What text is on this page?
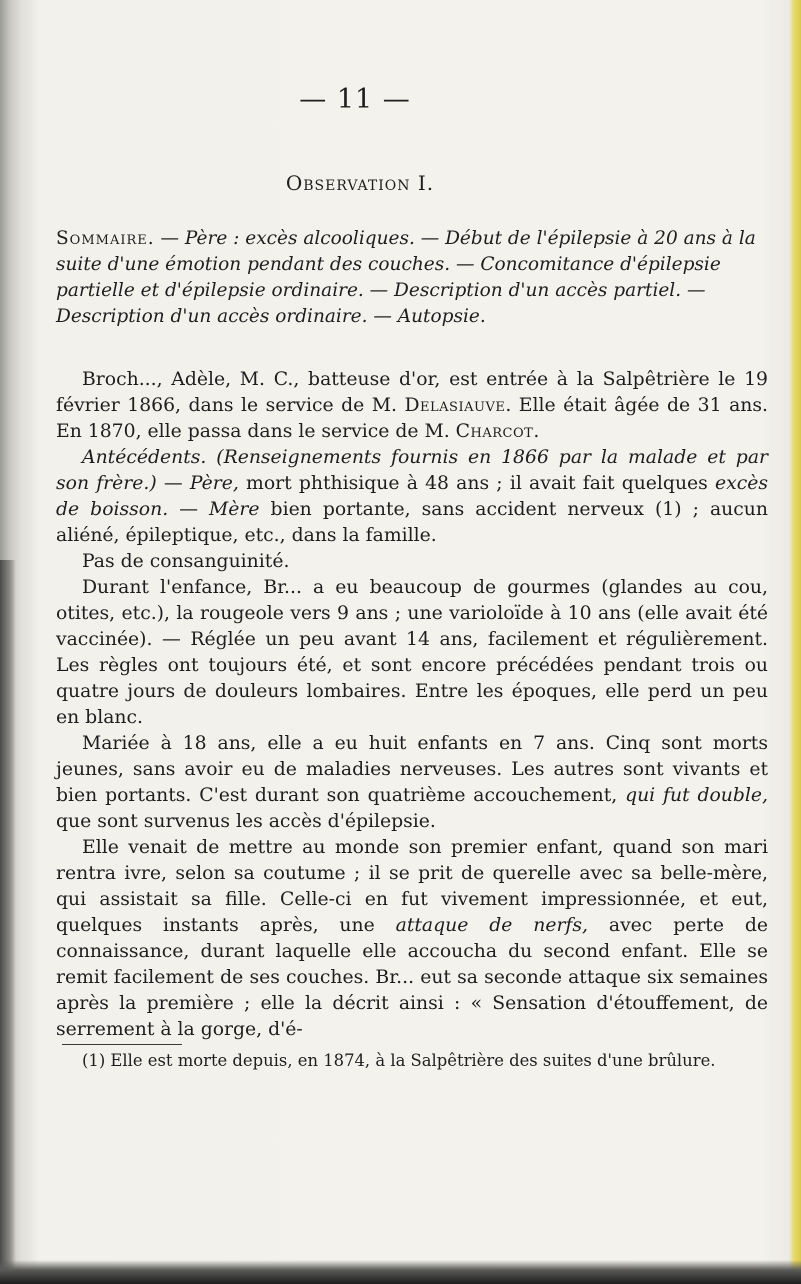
— 11 —
Observation I.
Sommaire. — Père : excès alcooliques. — Début de l'épilepsie à 20 ans à la suite d'une émotion pendant des couches. — Concomitance d'épilepsie partielle et d'épilepsie ordinaire. — Description d'un accès partiel. — Description d'un accès ordinaire. — Autopsie.

Broch..., Adèle, M. C., batteuse d'or, est entrée à la Salpêtrière le 19 février 1866, dans le service de M. Delasiauve. Elle était âgée de 31 ans. En 1870, elle passa dans le service de M. Charcot.

Antécédents. (Renseignements fournis en 1866 par la malade et par son frère.) — Père, mort phthisique à 48 ans ; il avait fait quelques excès de boisson. — Mère bien portante, sans accident nerveux (1) ; aucun aliéné, épileptique, etc., dans la famille.

Pas de consanguinité.

Durant l'enfance, Br... a eu beaucoup de gourmes (glandes au cou, otites, etc.), la rougeole vers 9 ans ; une varioloïde à 10 ans (elle avait été vaccinée). — Réglée un peu avant 14 ans, facilement et régulièrement. Les règles ont toujours été, et sont encore précédées pendant trois ou quatre jours de douleurs lombaires. Entre les époques, elle perd un peu en blanc.

Mariée à 18 ans, elle a eu huit enfants en 7 ans. Cinq sont morts jeunes, sans avoir eu de maladies nerveuses. Les autres sont vivants et bien portants. C'est durant son quatrième accouchement, qui fut double, que sont survenus les accès d'épilepsie.

Elle venait de mettre au monde son premier enfant, quand son mari rentra ivre, selon sa coutume ; il se prit de querelle avec sa belle-mère, qui assistait sa fille. Celle-ci en fut vivement impressionnée, et eut, quelques instants après, une attaque de nerfs, avec perte de connaissance, durant laquelle elle accoucha du second enfant. Elle se remit facilement de ses couches. Br... eut sa seconde attaque six semaines après la première ; elle la décrit ainsi : « Sensation d'étouffement, de serrement à la gorge, d'é-

(1) Elle est morte depuis, en 1874, à la Salpêtrière des suites d'une brûlure.
